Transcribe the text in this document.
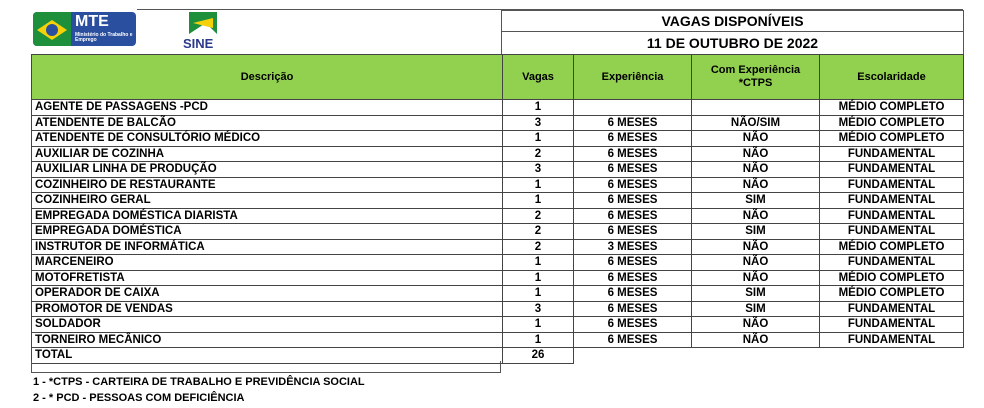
MTE
Ministério do Trabalho e Emprego	SINE
VAGAS DISPONÍVEIS
11 DE OUTUBRO DE 2022
Descrição	Vagas	Experiência	Com Experiência *CTPS	Escolaridade
AGENTE DE PASSAGENS -PCD	1			MÉDIO COMPLETO
ATENDENTE DE BALCÃO	3	6 MESES	NÃO/SIM	MÉDIO COMPLETO
ATENDENTE DE CONSULTÓRIO MÉDICO	1	6 MESES	NÃO	MÉDIO COMPLETO
AUXILIAR DE COZINHA	2	6 MESES	NÃO	FUNDAMENTAL
AUXILIAR LINHA DE PRODUÇÃO	3	6 MESES	NÃO	FUNDAMENTAL
COZINHEIRO DE RESTAURANTE	1	6 MESES	NÃO	FUNDAMENTAL
COZINHEIRO GERAL	1	6 MESES	SIM	FUNDAMENTAL
EMPREGADA DOMÉSTICA DIARISTA	2	6 MESES	NÃO	FUNDAMENTAL
EMPREGADA DOMÉSTICA	2	6 MESES	SIM	FUNDAMENTAL
INSTRUTOR DE INFORMÁTICA	2	3 MESES	NÃO	MÉDIO COMPLETO
MARCENEIRO	1	6 MESES	NÃO	FUNDAMENTAL
MOTOFRETISTA	1	6 MESES	NÃO	MÉDIO COMPLETO
OPERADOR DE CAIXA	1	6 MESES	SIM	MÉDIO COMPLETO
PROMOTOR DE VENDAS	3	6 MESES	SIM	FUNDAMENTAL
SOLDADOR	1	6 MESES	NÃO	FUNDAMENTAL
TORNEIRO MECÂNICO	1	6 MESES	NÃO	FUNDAMENTAL
TOTAL	26			
1 - *CTPS - CARTEIRA DE TRABALHO E PREVIDÊNCIA SOCIAL
2 - * PCD - PESSOAS COM DEFICIÊNCIA
